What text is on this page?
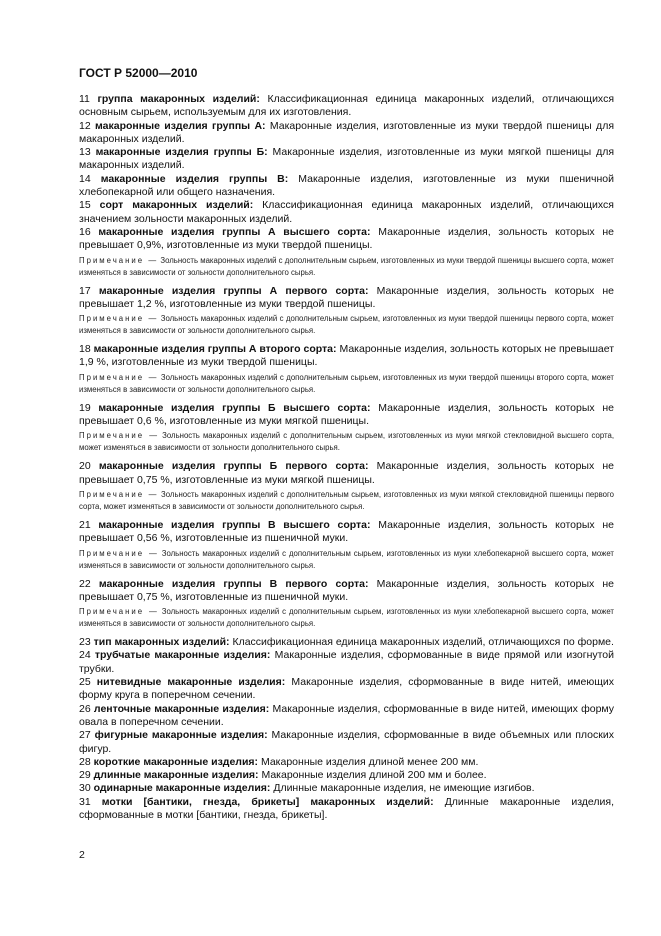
ГОСТ Р 52000—2010

11 группа макаронных изделий: Классификационная единица макаронных изделий, отличающихся основным сырьем, используемым для их изготовления.

12 макаронные изделия группы А: Макаронные изделия, изготовленные из муки твердой пшеницы для макаронных изделий.

13 макаронные изделия группы Б: Макаронные изделия, изготовленные из муки мягкой пшеницы для макаронных изделий.

14 макаронные изделия группы В: Макаронные изделия, изготовленные из муки пшеничной хлебопекарной или общего назначения.

15 сорт макаронных изделий: Классификационная единица макаронных изделий, отличающихся значением зольности макаронных изделий.

16 макаронные изделия группы А высшего сорта: Макаронные изделия, зольность которых не превышает 0,9%, изготовленные из муки твердой пшеницы.

Примечание — Зольность макаронных изделий с дополнительным сырьем, изготовленных из муки твердой пшеницы высшего сорта, может изменяться в зависимости от зольности дополнительного сырья.

17 макаронные изделия группы А первого сорта: Макаронные изделия, зольность которых не превышает 1,2 %, изготовленные из муки твердой пшеницы.

Примечание — Зольность макаронных изделий с дополнительным сырьем, изготовленных из муки твердой пшеницы первого сорта, может изменяться в зависимости от зольности дополнительного сырья.

18 макаронные изделия группы А второго сорта: Макаронные изделия, зольность которых не превышает 1,9 %, изготовленные из муки твердой пшеницы.

Примечание — Зольность макаронных изделий с дополнительным сырьем, изготовленных из муки твердой пшеницы второго сорта, может изменяться в зависимости от зольности дополнительного сырья.

19 макаронные изделия группы Б высшего сорта: Макаронные изделия, зольность которых не превышает 0,6 %, изготовленные из муки мягкой пшеницы.

Примечание — Зольность макаронных изделий с дополнительным сырьем, изготовленных из муки мягкой стекловидной высшего сорта, может изменяться в зависимости от зольности дополнительного сырья.

20 макаронные изделия группы Б первого сорта: Макаронные изделия, зольность которых не превышает 0,75 %, изготовленные из муки мягкой пшеницы.

Примечание — Зольность макаронных изделий с дополнительным сырьем, изготовленных из муки мягкой стекловидной пшеницы первого сорта, может изменяться в зависимости от зольности дополнительного сырья.

21 макаронные изделия группы В высшего сорта: Макаронные изделия, зольность которых не превышает 0,56 %, изготовленные из пшеничной муки.

Примечание — Зольность макаронных изделий с дополнительным сырьем, изготовленных из муки хлебопекарной высшего сорта, может изменяться в зависимости от зольности дополнительного сырья.

22 макаронные изделия группы В первого сорта: Макаронные изделия, зольность которых не превышает 0,75 %, изготовленные из пшеничной муки.

Примечание — Зольность макаронных изделий с дополнительным сырьем, изготовленных из муки хлебопекарной высшего сорта, может изменяться в зависимости от зольности дополнительного сырья.

23 тип макаронных изделий: Классификационная единица макаронных изделий, отличающихся по форме.

24 трубчатые макаронные изделия: Макаронные изделия, сформованные в виде прямой или изогнутой трубки.

25 нитевидные макаронные изделия: Макаронные изделия, сформованные в виде нитей, имеющих форму круга в поперечном сечении.

26 ленточные макаронные изделия: Макаронные изделия, сформованные в виде нитей, имеющих форму овала в поперечном сечении.

27 фигурные макаронные изделия: Макаронные изделия, сформованные в виде объемных или плоских фигур.

28 короткие макаронные изделия: Макаронные изделия длиной менее 200 мм.

29 длинные макаронные изделия: Макаронные изделия длиной 200 мм и более.

30 одинарные макаронные изделия: Длинные макаронные изделия, не имеющие изгибов.

31 мотки [бантики, гнезда, брикеты] макаронных изделий: Длинные макаронные изделия, сформованные в мотки [бантики, гнезда, брикеты].

2
